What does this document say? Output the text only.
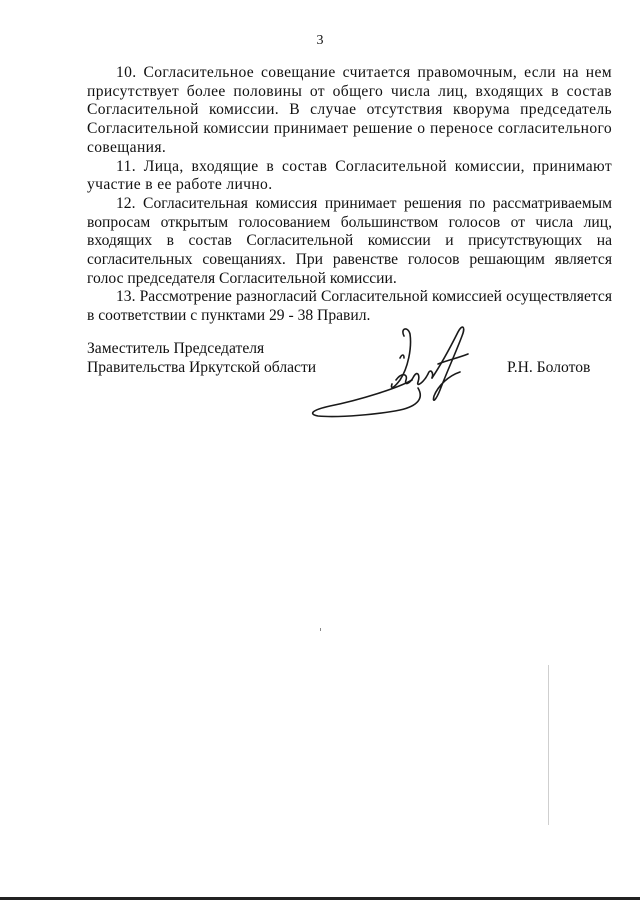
3

10. Согласительное совещание считается правомочным, если на нем присутствует более половины от общего числа лиц, входящих в состав Согласительной комиссии. В случае отсутствия кворума председатель Согласительной комиссии принимает решение о переносе согласительного совещания.

11. Лица, входящие в состав Согласительной комиссии, принимают участие в ее работе лично.

12. Согласительная комиссия принимает решения по рассматриваемым вопросам открытым голосованием большинством голосов от числа лиц, входящих в состав Согласительной комиссии и присутствующих на согласительных совещаниях. При равенстве голосов решающим является голос председателя Согласительной комиссии.

13. Рассмотрение разногласий Согласительной комиссией осуществляется в соответствии с пунктами 29 - 38 Правил.

Заместитель Председателя
Правительства Иркутской области	Р.Н. Болотов
